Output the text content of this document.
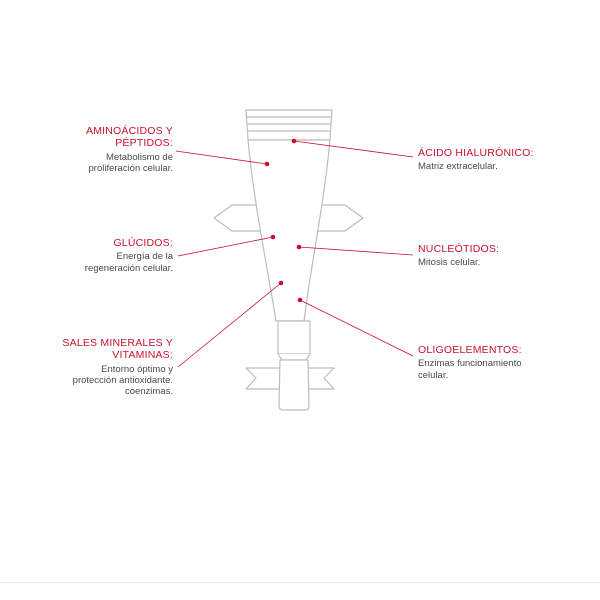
AMINOÁCIDOS Y
PÉPTIDOS:
Metabolismo de
proliferación celular.
GLÚCIDOS:
Energía de la
regeneración celular.
SALES MINERALES Y
VITAMINAS:
Entorno óptimo y
protección antioxidante.
coenzimas.
ÁCIDO HIALURÓNICO:
Matriz extracelular.
NUCLEÓTIDOS:
Mitosis celular.
OLIGOELEMENTOS:
Enzimas funcionamiento
celular.
